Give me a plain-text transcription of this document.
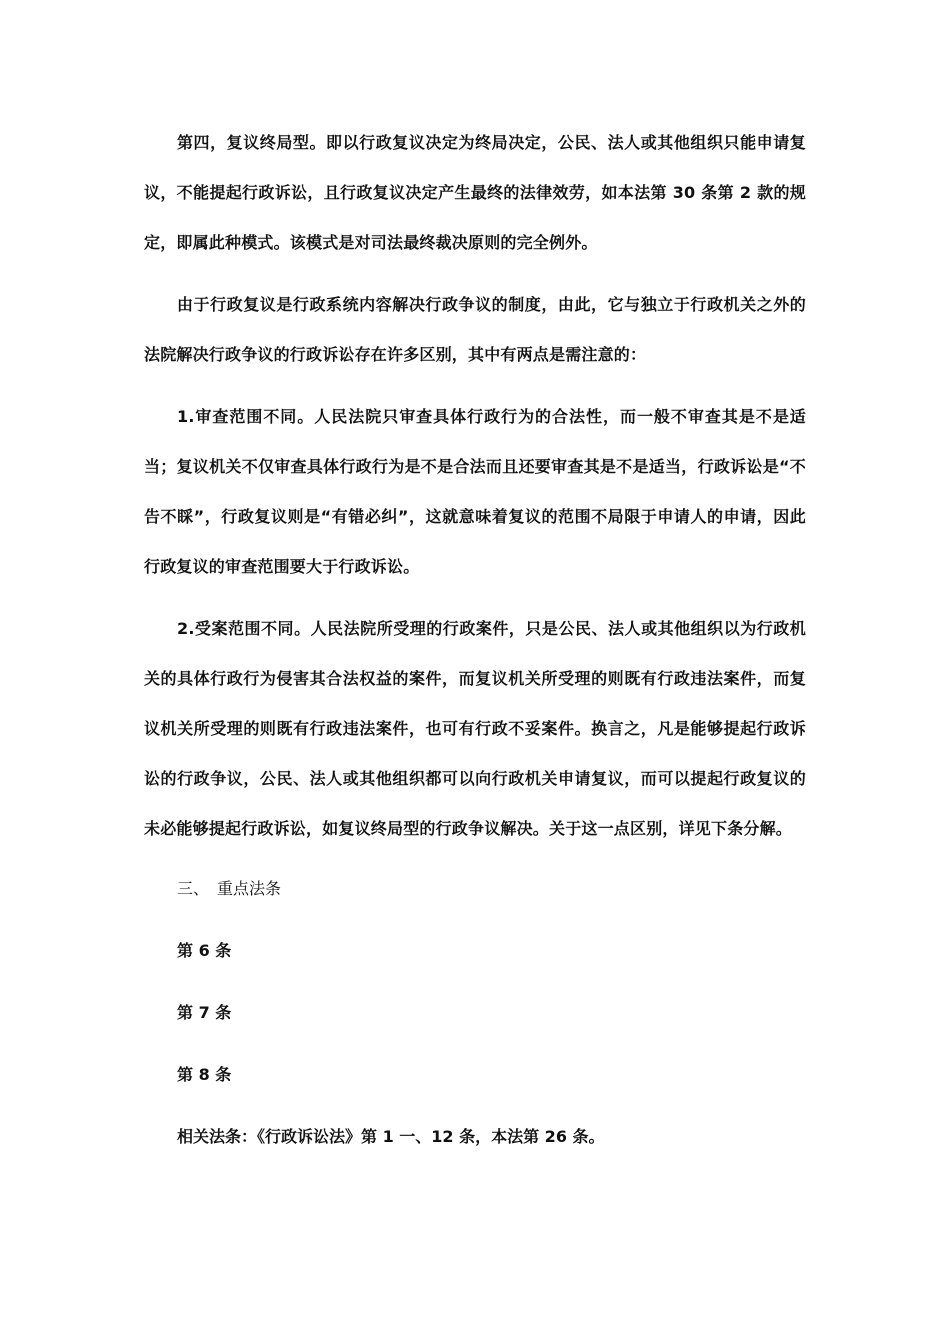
第四，复议终局型。即以行政复议决定为终局决定，公民、法人或其他组织只能申请复议，不能提起行政诉讼，且行政复议决定产生最终的法律效劳，如本法第 30 条第 2 款的规定，即属此种模式。该模式是对司法最终裁决原则的完全例外。

由于行政复议是行政系统内容解决行政争议的制度，由此，它与独立于行政机关之外的法院解决行政争议的行政诉讼存在许多区别，其中有两点是需注意的：

1.审查范围不同。人民法院只审查具体行政行为的合法性，而一般不审查其是不是适当；复议机关不仅审查具体行政行为是不是合法而且还要审查其是不是适当，行政诉讼是“不告不睬”，行政复议则是“有错必纠”，这就意味着复议的范围不局限于申请人的申请，因此行政复议的审查范围要大于行政诉讼。

2.受案范围不同。人民法院所受理的行政案件，只是公民、法人或其他组织以为行政机关的具体行政行为侵害其合法权益的案件，而复议机关所受理的则既有行政违法案件，而复议机关所受理的则既有行政违法案件，也可有行政不妥案件。换言之，凡是能够提起行政诉讼的行政争议，公民、法人或其他组织都可以向行政机关申请复议，而可以提起行政复议的未必能够提起行政诉讼，如复议终局型的行政争议解决。关于这一点区别，详见下条分解。

三、 重点法条

第 6 条

第 7 条

第 8 条

相关法条：《行政诉讼法》第 1 一、12 条，本法第 26 条。
